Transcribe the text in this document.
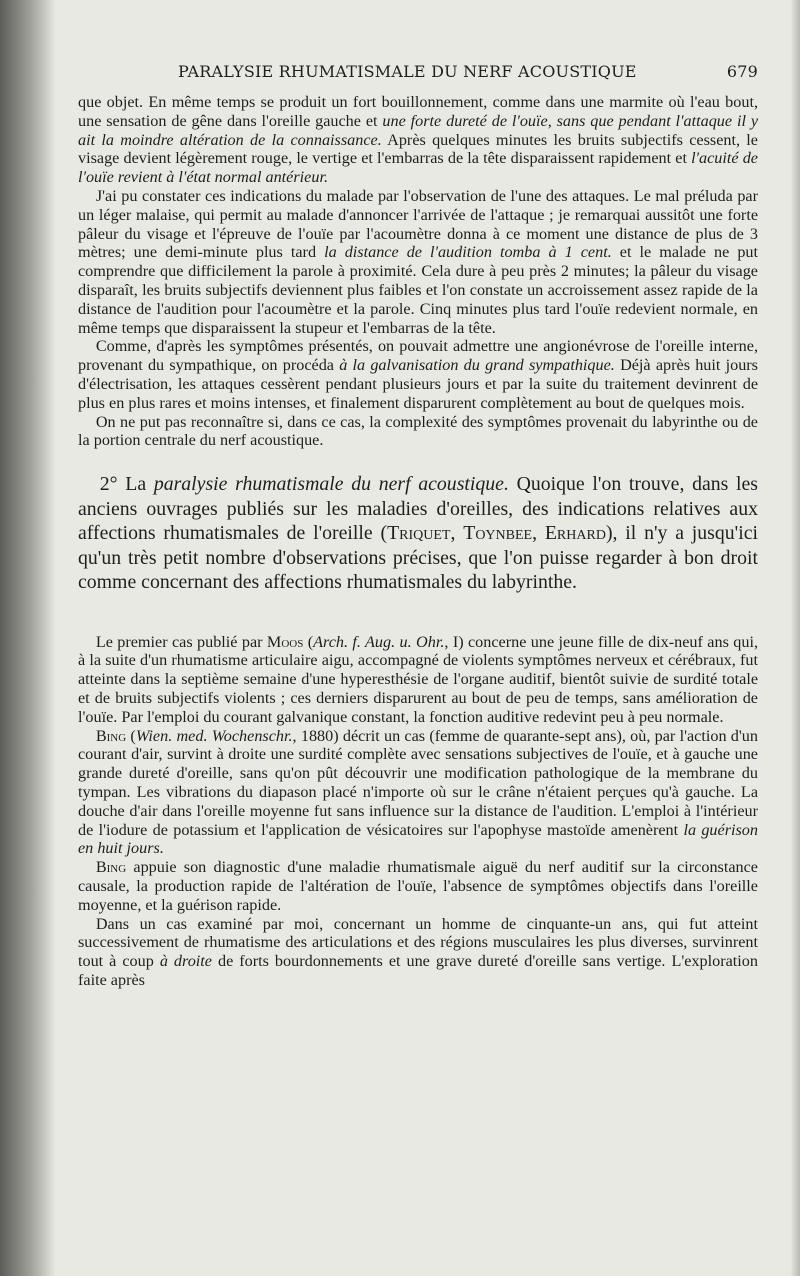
PARALYSIE RHUMATISMALE DU NERF ACOUSTIQUE	679

que objet. En même temps se produit un fort bouillonnement, comme dans une marmite où l'eau bout, une sensation de gêne dans l'oreille gauche et une forte dureté de l'ouïe, sans que pendant l'attaque il y ait la moindre altération de la connaissance. Après quelques minutes les bruits subjectifs cessent, le visage devient légèrement rouge, le vertige et l'embarras de la tête disparaissent rapidement et l'acuité de l'ouïe revient à l'état normal antérieur.

J'ai pu constater ces indications du malade par l'observation de l'une des attaques. Le mal préluda par un léger malaise, qui permit au malade d'annoncer l'arrivée de l'attaque ; je remarquai aussitôt une forte pâleur du visage et l'épreuve de l'ouïe par l'acoumètre donna à ce moment une distance de plus de 3 mètres; une demi-minute plus tard la distance de l'audition tomba à 1 cent. et le malade ne put comprendre que difficilement la parole à proximité. Cela dure à peu près 2 minutes; la pâleur du visage disparaît, les bruits subjectifs deviennent plus faibles et l'on constate un accroissement assez rapide de la distance de l'audition pour l'acoumètre et la parole. Cinq minutes plus tard l'ouïe redevient normale, en même temps que disparaissent la stupeur et l'embarras de la tête.

Comme, d'après les symptômes présentés, on pouvait admettre une angionévrose de l'oreille interne, provenant du sympathique, on procéda à la galvanisation du grand sympathique. Déjà après huit jours d'électrisation, les attaques cessèrent pendant plusieurs jours et par la suite du traitement devinrent de plus en plus rares et moins intenses, et finalement disparurent complètement au bout de quelques mois.

On ne put pas reconnaître si, dans ce cas, la complexité des symptômes provenait du labyrinthe ou de la portion centrale du nerf acoustique.

2° La paralysie rhumatismale du nerf acoustique. Quoique l'on trouve, dans les anciens ouvrages publiés sur les maladies d'oreilles, des indications relatives aux affections rhumatismales de l'oreille (Triquet, Toynbee, Erhard), il n'y a jusqu'ici qu'un très petit nombre d'observations précises, que l'on puisse regarder à bon droit comme concernant des affections rhumatismales du labyrinthe.

Le premier cas publié par Moos (Arch. f. Aug. u. Ohr., I) concerne une jeune fille de dix-neuf ans qui, à la suite d'un rhumatisme articulaire aigu, accompagné de violents symptômes nerveux et cérébraux, fut atteinte dans la septième semaine d'une hyperesthésie de l'organe auditif, bientôt suivie de surdité totale et de bruits subjectifs violents ; ces derniers disparurent au bout de peu de temps, sans amélioration de l'ouïe. Par l'emploi du courant galvanique constant, la fonction auditive redevint peu à peu normale.

Bing (Wien. med. Wochenschr., 1880) décrit un cas (femme de quarante-sept ans), où, par l'action d'un courant d'air, survint à droite une surdité complète avec sensations subjectives de l'ouïe, et à gauche une grande dureté d'oreille, sans qu'on pût découvrir une modification pathologique de la membrane du tympan. Les vibrations du diapason placé n'importe où sur le crâne n'étaient perçues qu'à gauche. La douche d'air dans l'oreille moyenne fut sans influence sur la distance de l'audition. L'emploi à l'intérieur de l'iodure de potassium et l'application de vésicatoires sur l'apophyse mastoïde amenèrent la guérison en huit jours.

Bing appuie son diagnostic d'une maladie rhumatismale aiguë du nerf auditif sur la circonstance causale, la production rapide de l'altération de l'ouïe, l'absence de symptômes objectifs dans l'oreille moyenne, et la guérison rapide.

Dans un cas examiné par moi, concernant un homme de cinquante-un ans, qui fut atteint successivement de rhumatisme des articulations et des régions musculaires les plus diverses, survinrent tout à coup à droite de forts bourdonnements et une grave dureté d'oreille sans vertige. L'exploration faite après
